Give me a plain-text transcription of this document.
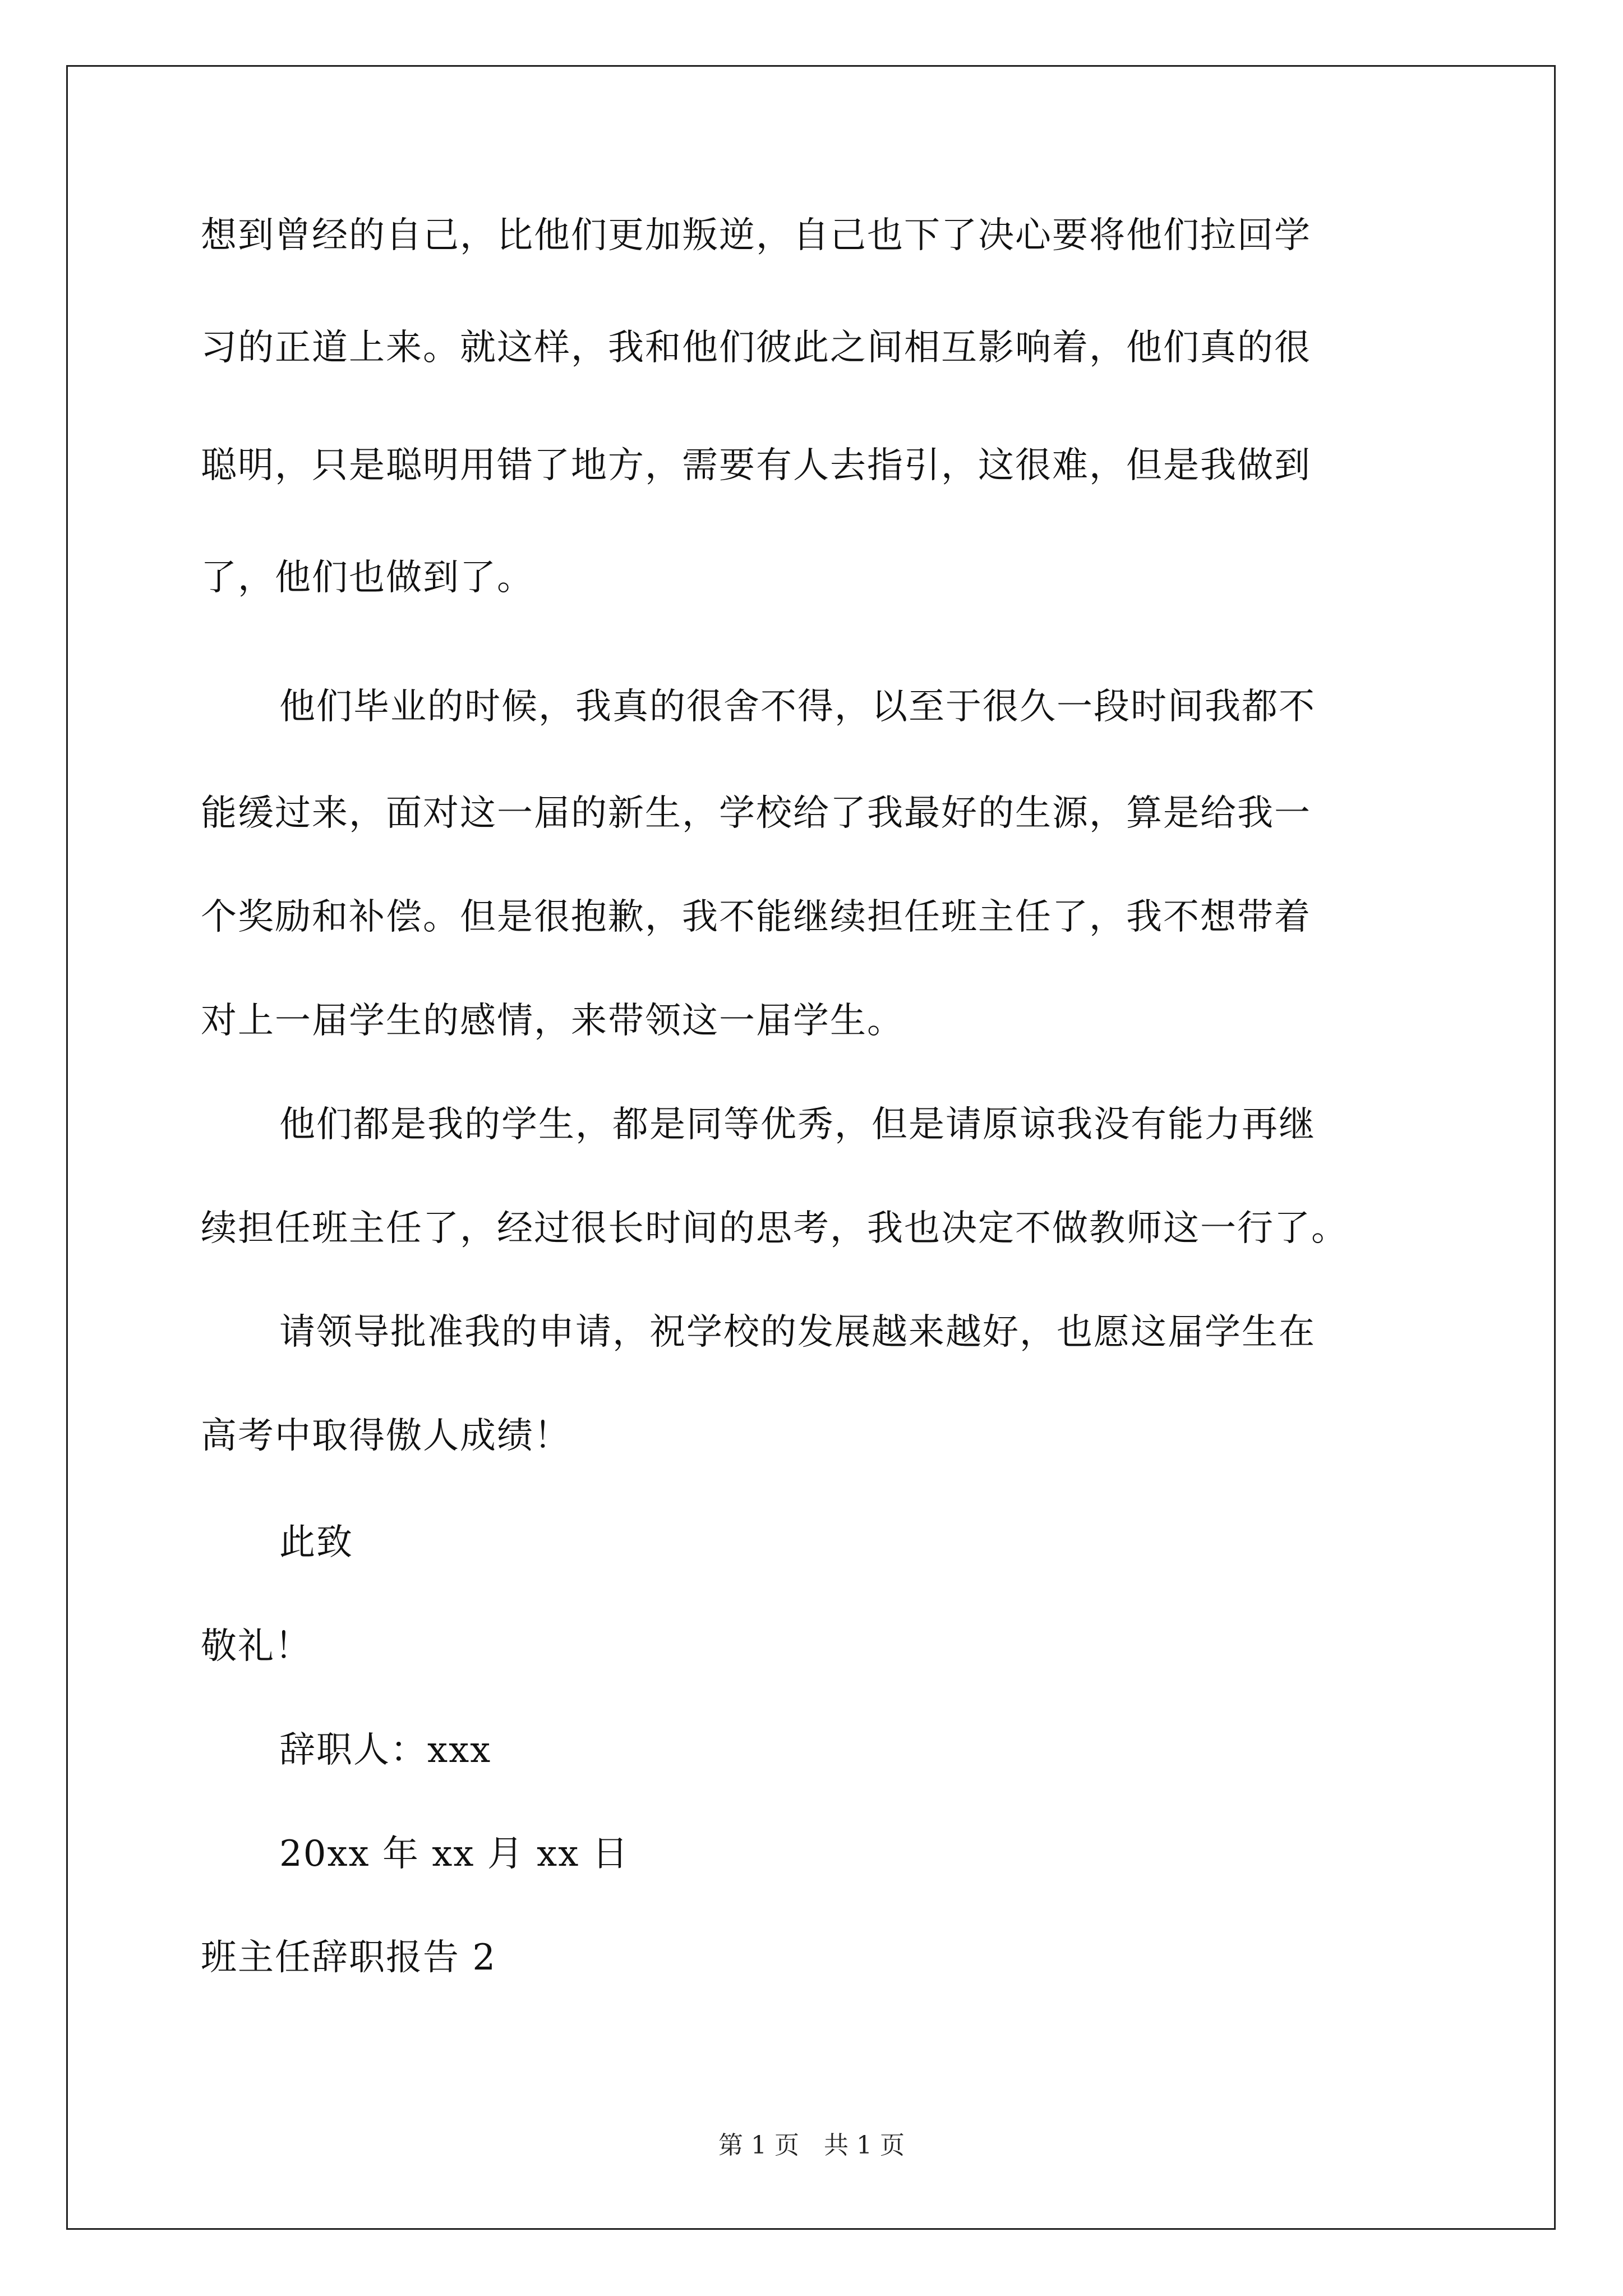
想到曾经的自己，比他们更加叛逆，自己也下了决心要将他们拉回学
习的正道上来。就这样，我和他们彼此之间相互影响着，他们真的很
聪明，只是聪明用错了地方，需要有人去指引，这很难，但是我做到
了，他们也做到了。
他们毕业的时候，我真的很舍不得，以至于很久一段时间我都不
能缓过来，面对这一届的新生，学校给了我最好的生源，算是给我一
个奖励和补偿。但是很抱歉，我不能继续担任班主任了，我不想带着
对上一届学生的感情，来带领这一届学生。
他们都是我的学生，都是同等优秀，但是请原谅我没有能力再继
续担任班主任了，经过很长时间的思考，我也决定不做教师这一行了。
请领导批准我的申请，祝学校的发展越来越好，也愿这届学生在
高考中取得傲人成绩！
此致
敬礼！
辞职人：xxx
20xx 年 xx 月 xx 日
班主任辞职报告 2
第 1 页　共 1 页
